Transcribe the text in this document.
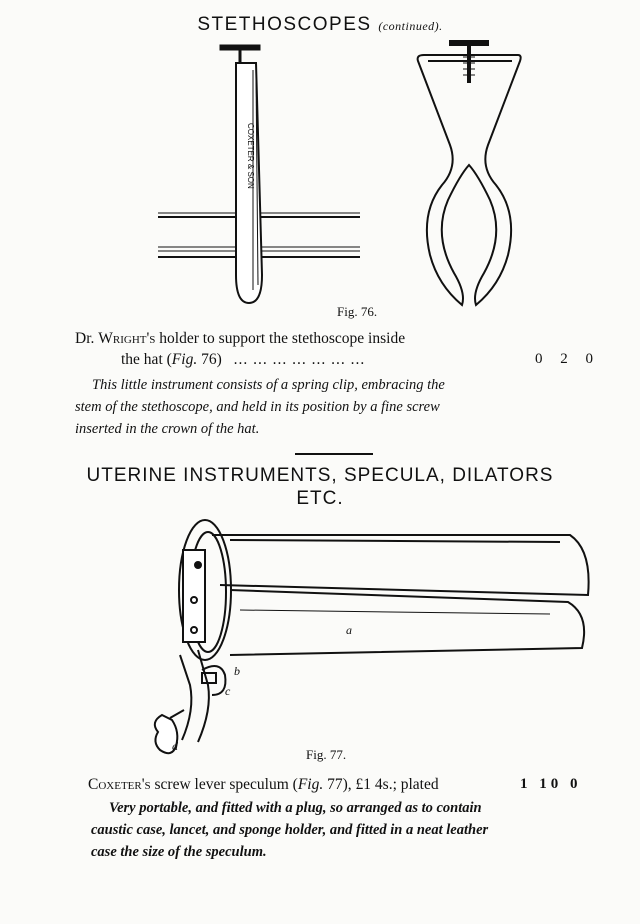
STETHOSCOPES (continued).
COXETER & SON
Fig. 76.
Dr. Wright's holder to support the stethoscope inside
the hat (Fig. 76) ... ... ... ... ... ... ...	0 2 0
This little instrument consists of a spring clip, embracing the
stem of the stethoscope, and held in its position by a fine screw
inserted in the crown of the hat.
UTERINE INSTRUMENTS, SPECULA, DILATORS
ETC.
a
b
c
d
Fig. 77.
Coxeter's screw lever speculum (Fig. 77), £1 4s.; plated	1 10 0
Very portable, and fitted with a plug, so arranged as to contain
caustic case, lancet, and sponge holder, and fitted in a neat leather
case the size of the speculum.
